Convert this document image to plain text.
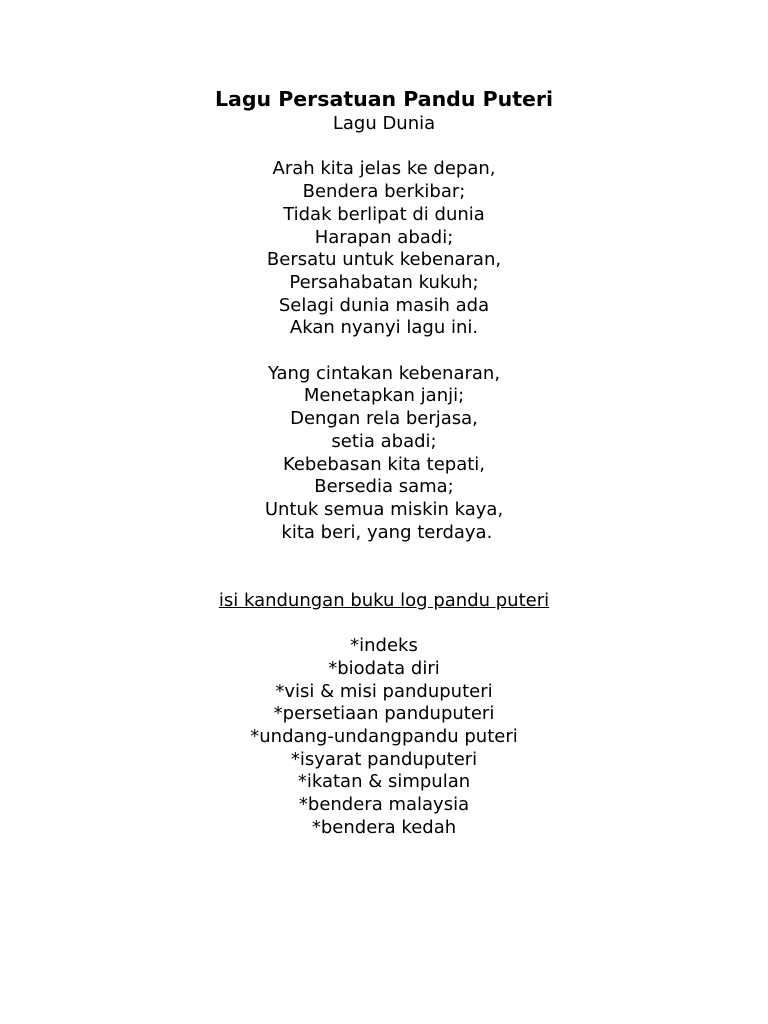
Lagu Persatuan Pandu Puteri
Lagu Dunia
Arah kita jelas ke depan,
Bendera berkibar;
Tidak berlipat di dunia
Harapan abadi;
Bersatu untuk kebenaran,
Persahabatan kukuh;
Selagi dunia masih ada
Akan nyanyi lagu ini.
Yang cintakan kebenaran,
Menetapkan janji;
Dengan rela berjasa,
setia abadi;
Kebebasan kita tepati,
Bersedia sama;
Untuk semua miskin kaya,
kita beri, yang terdaya.
isi kandungan buku log pandu puteri
*indeks
*biodata diri
*visi & misi panduputeri
*persetiaan panduputeri
*undang-undangpandu puteri
*isyarat panduputeri
*ikatan & simpulan
*bendera malaysia
*bendera kedah
